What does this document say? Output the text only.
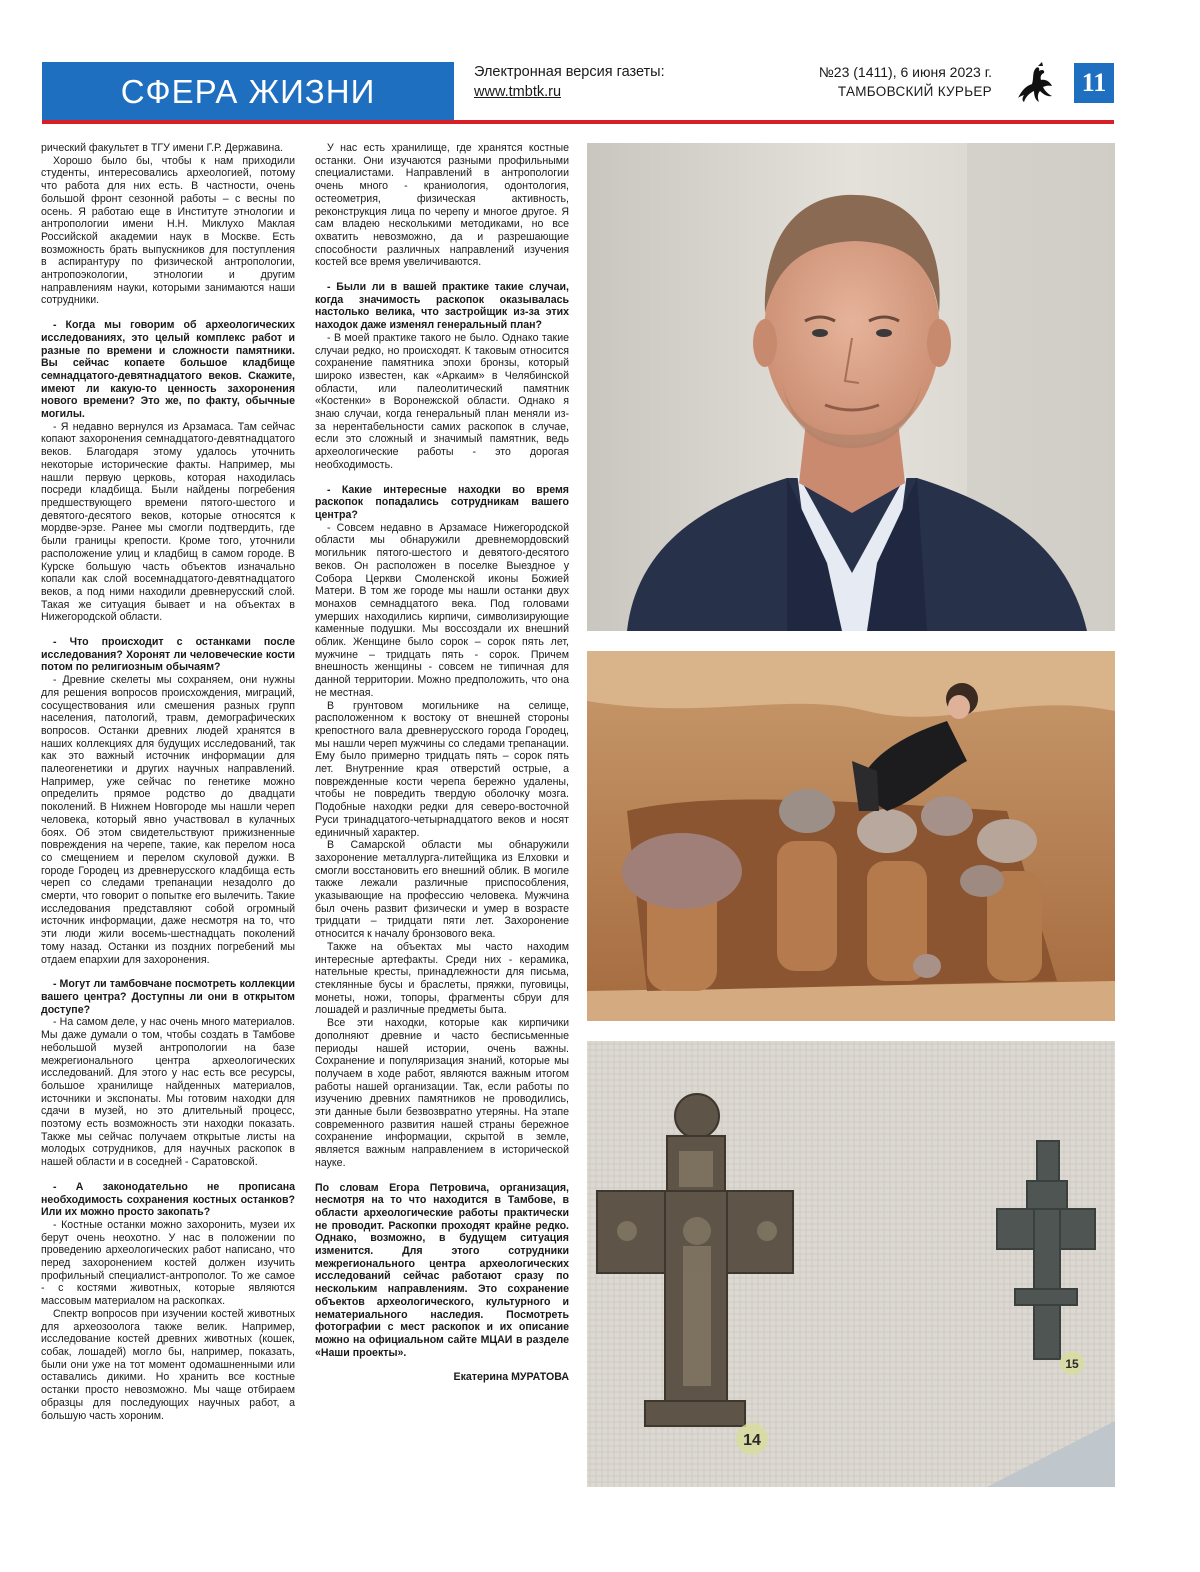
СФЕРА ЖИЗНИ
Электронная версия газеты:
www.tmbtk.ru
№23 (1411), 6 июня 2023 г.
ТАМБОВСКИЙ КУРЬЕР	11

рический факультет в ТГУ имени Г.Р. Державина.

Хорошо было бы, чтобы к нам приходили студенты, интересовались археологией, потому что работа для них есть. В частности, очень большой фронт сезонной работы – с весны по осень. Я работаю еще в Институте этнологии и антропологии имени Н.Н. Миклухо Маклая Российской академии наук в Москве. Есть возможность брать выпускников для поступления в аспирантуру по физической антропологии, антропоэкологии, этнологии и другим направлениям науки, которыми занимаются наши сотрудники.

- Когда мы говорим об археологических исследованиях, это целый комплекс работ и разные по времени и сложности памятники. Вы сейчас копаете большое кладбище семнадцатого-девятнадцатого веков. Скажите, имеют ли какую-то ценность захоронения нового времени? Это же, по факту, обычные могилы.

- Я недавно вернулся из Арзамаса. Там сейчас копают захоронения семнадцатого-девятнадцатого веков. Благодаря этому удалось уточнить некоторые исторические факты. Например, мы нашли первую церковь, которая находилась посреди кладбища. Были найдены погребения предшествующего времени пятого-шестого и девятого-десятого веков, которые относятся к мордве-эрзе. Ранее мы смогли подтвердить, где были границы крепости. Кроме того, уточнили расположение улиц и кладбищ в самом городе. В Курске большую часть объектов изначально копали как слой восемнадцатого-девятнадцатого веков, а под ними находили древнерусский слой. Такая же ситуация бывает и на объектах в Нижегородской области.

- Что происходит с останками после исследования? Хоронят ли человеческие кости потом по религиозным обычаям?

- Древние скелеты мы сохраняем, они нужны для решения вопросов происхождения, миграций, сосуществования или смешения разных групп населения, патологий, травм, демографических вопросов. Останки древних людей хранятся в наших коллекциях для будущих исследований, так как это важный источник информации для палеогенетики и других научных направлений. Например, уже сейчас по генетике можно определить прямое родство до двадцати поколений. В Нижнем Новгороде мы нашли череп человека, который явно участвовал в кулачных боях. Об этом свидетельствуют прижизненные повреждения на черепе, такие, как перелом носа со смещением и перелом скуловой дужки. В городе Городец из древнерусского кладбища есть череп со следами трепанации незадолго до смерти, что говорит о попытке его вылечить. Такие исследования представляют собой огромный источник информации, даже несмотря на то, что эти люди жили восемь-шестнадцать поколений тому назад. Останки из поздних погребений мы отдаем епархии для захоронения.

- Могут ли тамбовчане посмотреть коллекции вашего центра? Доступны ли они в открытом доступе?

- На самом деле, у нас очень много материалов. Мы даже думали о том, чтобы создать в Тамбове небольшой музей антропологии на базе межрегионального центра археологических исследований. Для этого у нас есть все ресурсы, большое хранилище найденных материалов, источники и экспонаты. Мы готовим находки для сдачи в музей, но это длительный процесс, поэтому есть возможность эти находки показать. Также мы сейчас получаем открытые листы на молодых сотрудников, для научных раскопок в нашей области и в соседней - Саратовской.

- А законодательно не прописана необходимость сохранения костных останков? Или их можно просто закопать?

- Костные останки можно захоронить, музеи их берут очень неохотно. У нас в положении по проведению археологических работ написано, что перед захоронением костей должен изучить профильный специалист-антрополог. То же самое - с костями животных, которые являются массовым материалом на раскопках.

Спектр вопросов при изучении костей животных для археозоолога также велик. Например, исследование костей древних животных (кошек, собак, лошадей) могло бы, например, показать, были они уже на тот момент одомашненными или оставались дикими. Но хранить все костные останки просто невозможно. Мы чаще отбираем образцы для последующих научных работ, а большую часть хороним.

У нас есть хранилище, где хранятся костные останки. Они изучаются разными профильными специалистами. Направлений в антропологии очень много - краниология, одонтология, остеометрия, физическая активность, реконструкция лица по черепу и многое другое. Я сам владею несколькими методиками, но все охватить невозможно, да и разрешающие способности различных направлений изучения костей все время увеличиваются.

- Были ли в вашей практике такие случаи, когда значимость раскопок оказывалась настолько велика, что застройщик из-за этих находок даже изменял генеральный план?

- В моей практике такого не было. Однако такие случаи редко, но происходят. К таковым относится сохранение памятника эпохи бронзы, который широко известен, как «Аркаим» в Челябинской области, или палеолитический памятник «Костенки» в Воронежской области. Однако я знаю случаи, когда генеральный план меняли из-за нерентабельности самих раскопок в случае, если это сложный и значимый памятник, ведь археологические работы - это дорогая необходимость.

- Какие интересные находки во время раскопок попадались сотрудникам вашего центра?

- Совсем недавно в Арзамасе Нижегородской области мы обнаружили древнемордовский могильник пятого-шестого и девятого-десятого веков. Он расположен в поселке Выездное у Собора Церкви Смоленской иконы Божией Матери. В том же городе мы нашли останки двух монахов семнадцатого века. Под головами умерших находились кирпичи, символизирующие каменные подушки. Мы воссоздали их внешний облик. Женщине было сорок – сорок пять лет, мужчине – тридцать пять - сорок. Причем внешность женщины - совсем не типичная для данной территории. Можно предположить, что она не местная.

В грунтовом могильнике на селище, расположенном к востоку от внешней стороны крепостного вала древнерусского города Городец, мы нашли череп мужчины со следами трепанации. Ему было примерно тридцать пять – сорок пять лет. Внутренние края отверстий острые, а поврежденные кости черепа бережно удалены, чтобы не повредить твердую оболочку мозга. Подобные находки редки для северо-восточной Руси тринадцатого-четырнадцатого веков и носят единичный характер.

В Самарской области мы обнаружили захоронение металлурга-литейщика из Елховки и смогли восстановить его внешний облик. В могиле также лежали различные приспособления, указывающие на профессию человека. Мужчина был очень развит физически и умер в возрасте тридцати – тридцати пяти лет. Захоронение относится к началу бронзового века.

Также на объектах мы часто находим интересные артефакты. Среди них - керамика, нательные кресты, принадлежности для письма, стеклянные бусы и браслеты, пряжки, пуговицы, монеты, ножи, топоры, фрагменты сбруи для лошадей и различные предметы быта.

Все эти находки, которые как кирпичики дополняют древние и часто бесписьменные периоды нашей истории, очень важны. Сохранение и популяризация знаний, которые мы получаем в ходе работ, являются важным итогом работы нашей организации. Так, если работы по изучению древних памятников не проводились, эти данные были безвозвратно утеряны. На этапе современного развития нашей страны бережное сохранение информации, скрытой в земле, является важным направлением в исторической науке.

По словам Егора Петровича, организация, несмотря на то что находится в Тамбове, в области археологические работы практически не проводит. Раскопки проходят крайне редко. Однако, возможно, в будущем ситуация изменится. Для этого сотрудники межрегионального центра археологических исследований сейчас работают сразу по нескольким направлениям. Это сохранение объектов археологического, культурного и нематериального наследия. Посмотреть фотографии с мест раскопок и их описание можно на официальном сайте МЦАИ в разделе «Наши проекты».

Екатерина МУРАТОВА

14
15
